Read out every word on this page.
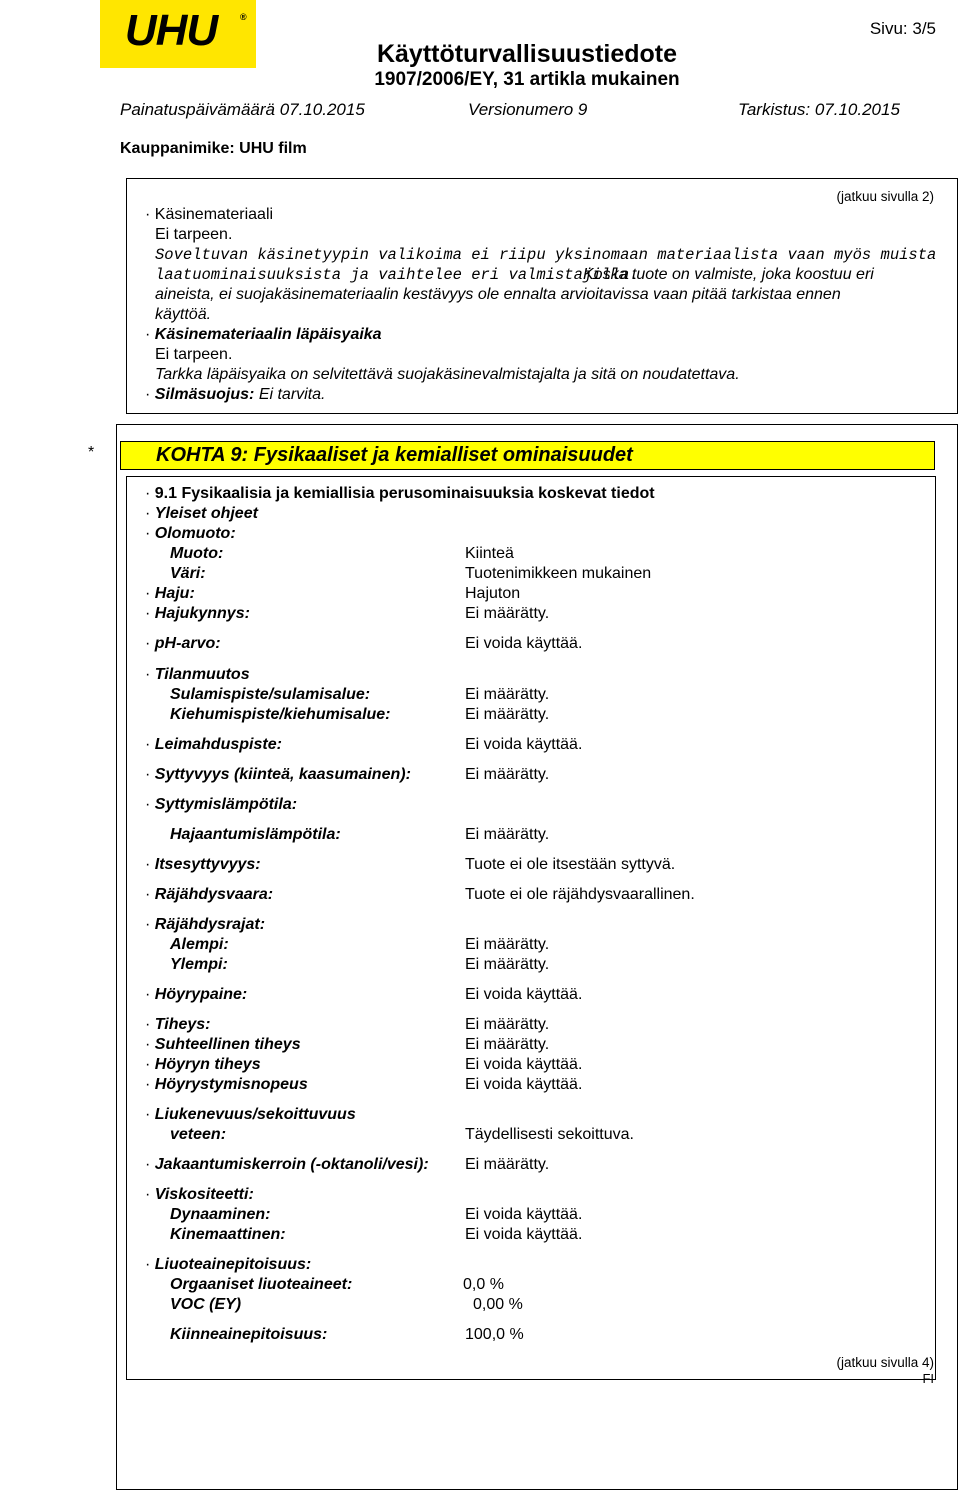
UHU	®
Sivu: 3/5
Käyttöturvallisuustiedote
1907/2006/EY, 31 artikla mukainen
Painatuspäivämäärä 07.10.2015	Versionumero 9	Tarkistus: 07.10.2015
Kauppanimike: UHU film
(jatkuu sivulla 2)
· Käsinemateriaali
Ei tarpeen.
Soveltuvan käsinetyypin valikoima ei riipu yksinomaan materiaalista vaan myös muista
laatuominaisuuksista ja vaihtelee eri valmistajilla.
Koska tuote on valmiste, joka koostuu eri
aineista, ei suojakäsinemateriaalin kestävyys ole ennalta arvioitavissa vaan pitää tarkistaa ennen
käyttöä.
· Käsinemateriaalin läpäisyaika
Ei tarpeen.
Tarkka läpäisyaika on selvitettävä suojakäsinevalmistajalta ja sitä on noudatettava.
· Silmäsuojus: Ei tarvita.
*	KOHTA 9: Fysikaaliset ja kemialliset ominaisuudet
· 9.1 Fysikaalisia ja kemiallisia perusominaisuuksia koskevat tiedot
· Yleiset ohjeet
· Olomuoto:
Muoto:	Kiinteä
Väri:	Tuotenimikkeen mukainen
· Haju:	Hajuton
· Hajukynnys:	Ei määrätty.
· pH-arvo:	Ei voida käyttää.
· Tilanmuutos
Sulamispiste/sulamisalue:	Ei määrätty.
Kiehumispiste/kiehumisalue:	Ei määrätty.
· Leimahduspiste:	Ei voida käyttää.
· Syttyvyys (kiinteä, kaasumainen):	Ei määrätty.
· Syttymislämpötila:
Hajaantumislämpötila:	Ei määrätty.
· Itsesyttyvyys:	Tuote ei ole itsestään syttyvä.
· Räjähdysvaara:	Tuote ei ole räjähdysvaarallinen.
· Räjähdysrajat:
Alempi:	Ei määrätty.
Ylempi:	Ei määrätty.
· Höyrypaine:	Ei voida käyttää.
· Tiheys:	Ei määrätty.
· Suhteellinen tiheys	Ei määrätty.
· Höyryn tiheys	Ei voida käyttää.
· Höyrystymisnopeus	Ei voida käyttää.
· Liukenevuus/sekoittuvuus
veteen:	Täydellisesti sekoittuva.
· Jakaantumiskerroin (-oktanoli/vesi): Ei määrätty.
· Viskositeetti:
Dynaaminen:	Ei voida käyttää.
Kinemaattinen:	Ei voida käyttää.
· Liuoteainepitoisuus:
Orgaaniset liuoteaineet:	0,0 %
VOC (EY)	0,00 %
Kiinneainepitoisuus:	100,0 %
(jatkuu sivulla 4)
FI
